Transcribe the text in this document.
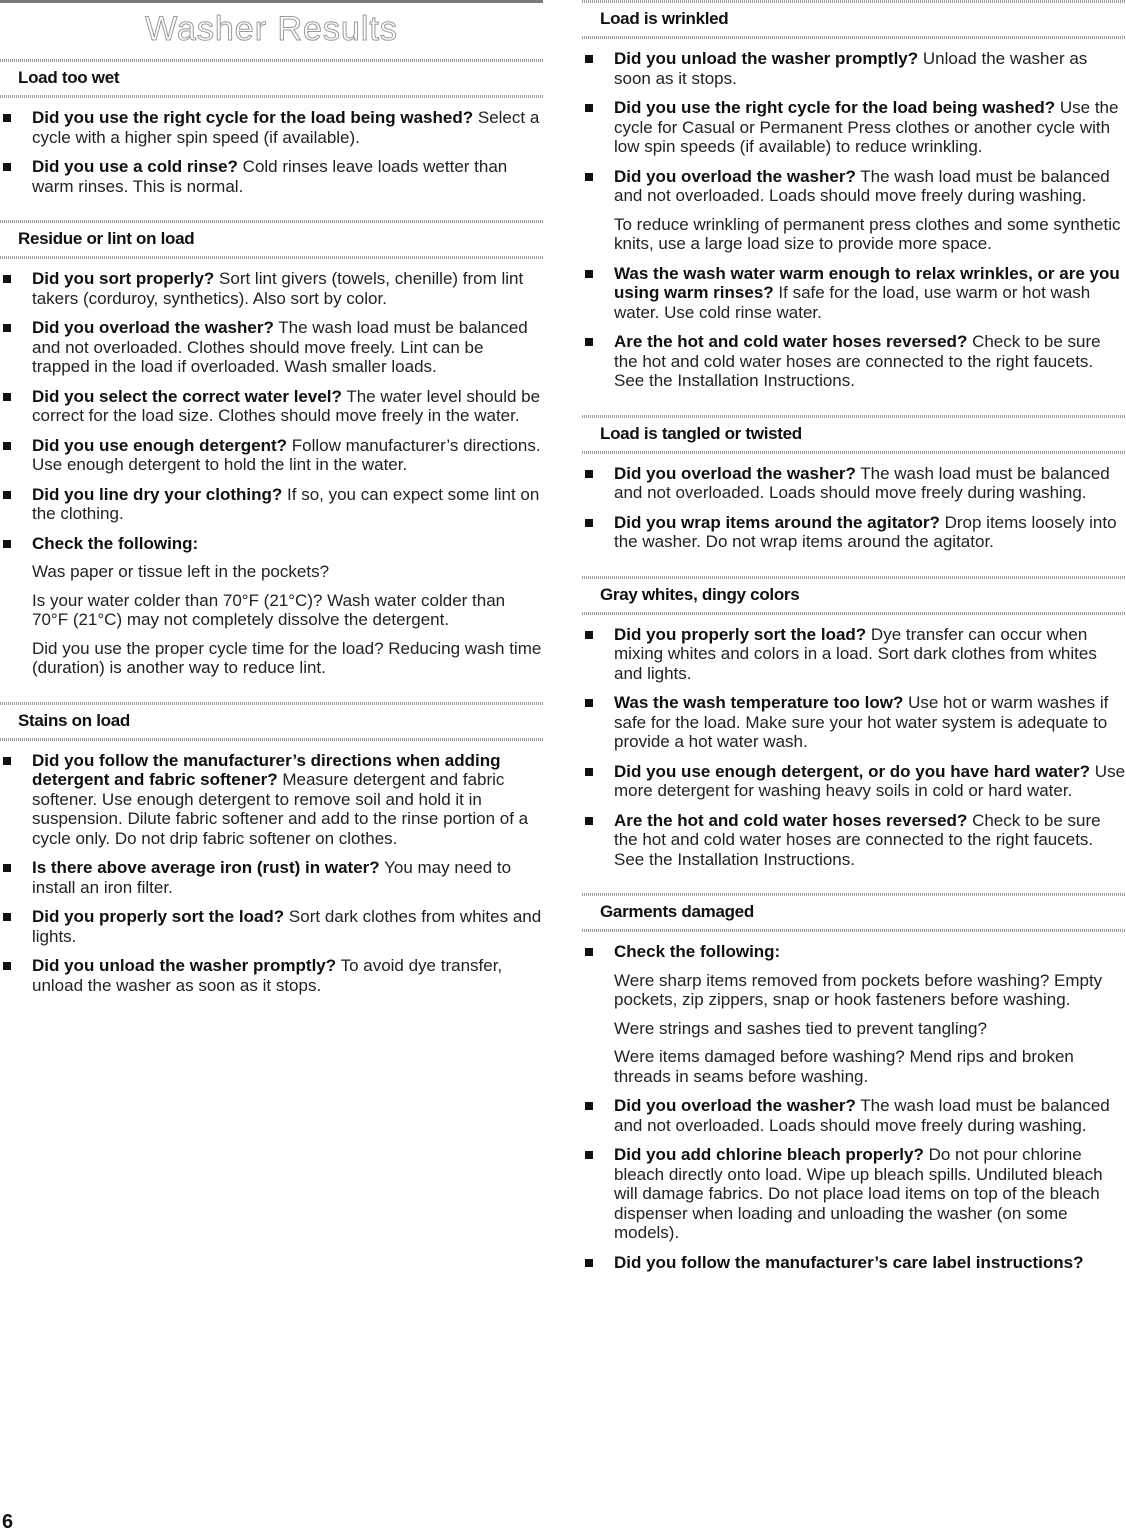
Washer Results
Load too wet
Did you use the right cycle for the load being washed? Select a cycle with a higher spin speed (if available).
Did you use a cold rinse? Cold rinses leave loads wetter than warm rinses. This is normal.
Residue or lint on load
Did you sort properly? Sort lint givers (towels, chenille) from lint takers (corduroy, synthetics). Also sort by color.
Did you overload the washer? The wash load must be balanced and not overloaded. Clothes should move freely. Lint can be trapped in the load if overloaded. Wash smaller loads.
Did you select the correct water level? The water level should be correct for the load size. Clothes should move freely in the water.
Did you use enough detergent? Follow manufacturer’s directions. Use enough detergent to hold the lint in the water.
Did you line dry your clothing? If so, you can expect some lint on the clothing.
Check the following:
Was paper or tissue left in the pockets?
Is your water colder than 70°F (21°C)? Wash water colder than 70°F (21°C) may not completely dissolve the detergent.
Did you use the proper cycle time for the load? Reducing wash time (duration) is another way to reduce lint.
Stains on load
Did you follow the manufacturer’s directions when adding detergent and fabric softener? Measure detergent and fabric softener. Use enough detergent to remove soil and hold it in suspension. Dilute fabric softener and add to the rinse portion of a cycle only. Do not drip fabric softener on clothes.
Is there above average iron (rust) in water? You may need to install an iron filter.
Did you properly sort the load? Sort dark clothes from whites and lights.
Did you unload the washer promptly? To avoid dye transfer, unload the washer as soon as it stops.
Load is wrinkled
Did you unload the washer promptly? Unload the washer as soon as it stops.
Did you use the right cycle for the load being washed? Use the cycle for Casual or Permanent Press clothes or another cycle with low spin speeds (if available) to reduce wrinkling.
Did you overload the washer? The wash load must be balanced and not overloaded. Loads should move freely during washing.
To reduce wrinkling of permanent press clothes and some synthetic knits, use a large load size to provide more space.
Was the wash water warm enough to relax wrinkles, or are you using warm rinses? If safe for the load, use warm or hot wash water. Use cold rinse water.
Are the hot and cold water hoses reversed? Check to be sure the hot and cold water hoses are connected to the right faucets. See the Installation Instructions.
Load is tangled or twisted
Did you overload the washer? The wash load must be balanced and not overloaded. Loads should move freely during washing.
Did you wrap items around the agitator? Drop items loosely into the washer. Do not wrap items around the agitator.
Gray whites, dingy colors
Did you properly sort the load? Dye transfer can occur when mixing whites and colors in a load. Sort dark clothes from whites and lights.
Was the wash temperature too low? Use hot or warm washes if safe for the load. Make sure your hot water system is adequate to provide a hot water wash.
Did you use enough detergent, or do you have hard water? Use more detergent for washing heavy soils in cold or hard water.
Are the hot and cold water hoses reversed? Check to be sure the hot and cold water hoses are connected to the right faucets. See the Installation Instructions.
Garments damaged
Check the following:
Were sharp items removed from pockets before washing? Empty pockets, zip zippers, snap or hook fasteners before washing.
Were strings and sashes tied to prevent tangling?
Were items damaged before washing? Mend rips and broken threads in seams before washing.
Did you overload the washer? The wash load must be balanced and not overloaded. Loads should move freely during washing.
Did you add chlorine bleach properly? Do not pour chlorine bleach directly onto load. Wipe up bleach spills. Undiluted bleach will damage fabrics. Do not place load items on top of the bleach dispenser when loading and unloading the washer (on some models).
Did you follow the manufacturer’s care label instructions?
6
